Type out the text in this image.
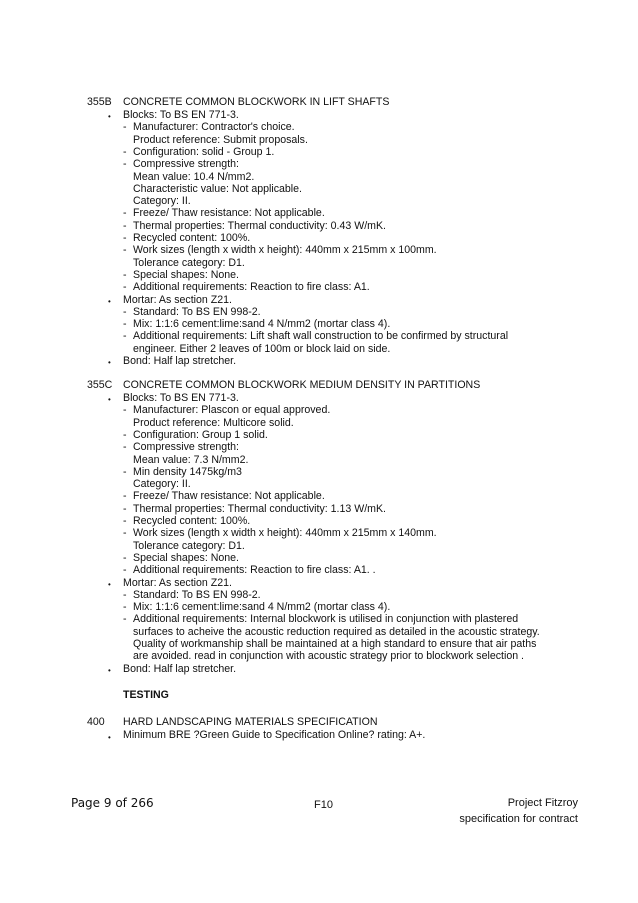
355B CONCRETE COMMON BLOCKWORK IN LIFT SHAFTS
• Blocks: To BS EN 771-3.
- Manufacturer: Contractor's choice.
Product reference: Submit proposals.
- Configuration: solid - Group 1.
- Compressive strength:
Mean value: 10.4 N/mm2.
Characteristic value: Not applicable.
Category: II.
- Freeze/ Thaw resistance: Not applicable.
- Thermal properties: Thermal conductivity: 0.43 W/mK.
- Recycled content: 100%.
- Work sizes (length x width x height): 440mm x 215mm x 100mm.
Tolerance category: D1.
- Special shapes: None.
- Additional requirements: Reaction to fire class: A1.
• Mortar: As section Z21.
- Standard: To BS EN 998-2.
- Mix: 1:1:6 cement:lime:sand 4 N/mm2 (mortar class 4).
- Additional requirements: Lift shaft wall construction to be confirmed by structural
engineer. Either 2 leaves of 100m or block laid on side.
• Bond: Half lap stretcher.
355C CONCRETE COMMON BLOCKWORK MEDIUM DENSITY IN PARTITIONS
• Blocks: To BS EN 771-3.
- Manufacturer: Plascon or equal approved.
Product reference: Multicore solid.
- Configuration: Group 1 solid.
- Compressive strength:
Mean value: 7.3 N/mm2.
- Min density 1475kg/m3
Category: II.
- Freeze/ Thaw resistance: Not applicable.
- Thermal properties: Thermal conductivity: 1.13 W/mK.
- Recycled content: 100%.
- Work sizes (length x width x height): 440mm x 215mm x 140mm.
Tolerance category: D1.
- Special shapes: None.
- Additional requirements: Reaction to fire class: A1. .
• Mortar: As section Z21.
- Standard: To BS EN 998-2.
- Mix: 1:1:6 cement:lime:sand 4 N/mm2 (mortar class 4).
- Additional requirements: Internal blockwork is utilised in conjunction with plastered
surfaces to acheive the acoustic reduction required as detailed in the acoustic strategy.
Quality of workmanship shall be maintained at a high standard to ensure that air paths
are avoided. read in conjunction with acoustic strategy prior to blockwork selection .
• Bond: Half lap stretcher.
TESTING
400 HARD LANDSCAPING MATERIALS SPECIFICATION
• Minimum BRE ?Green Guide to Specification Online? rating: A+.
Page 9 of 266	F10	Project Fitzroy
specification for contract
